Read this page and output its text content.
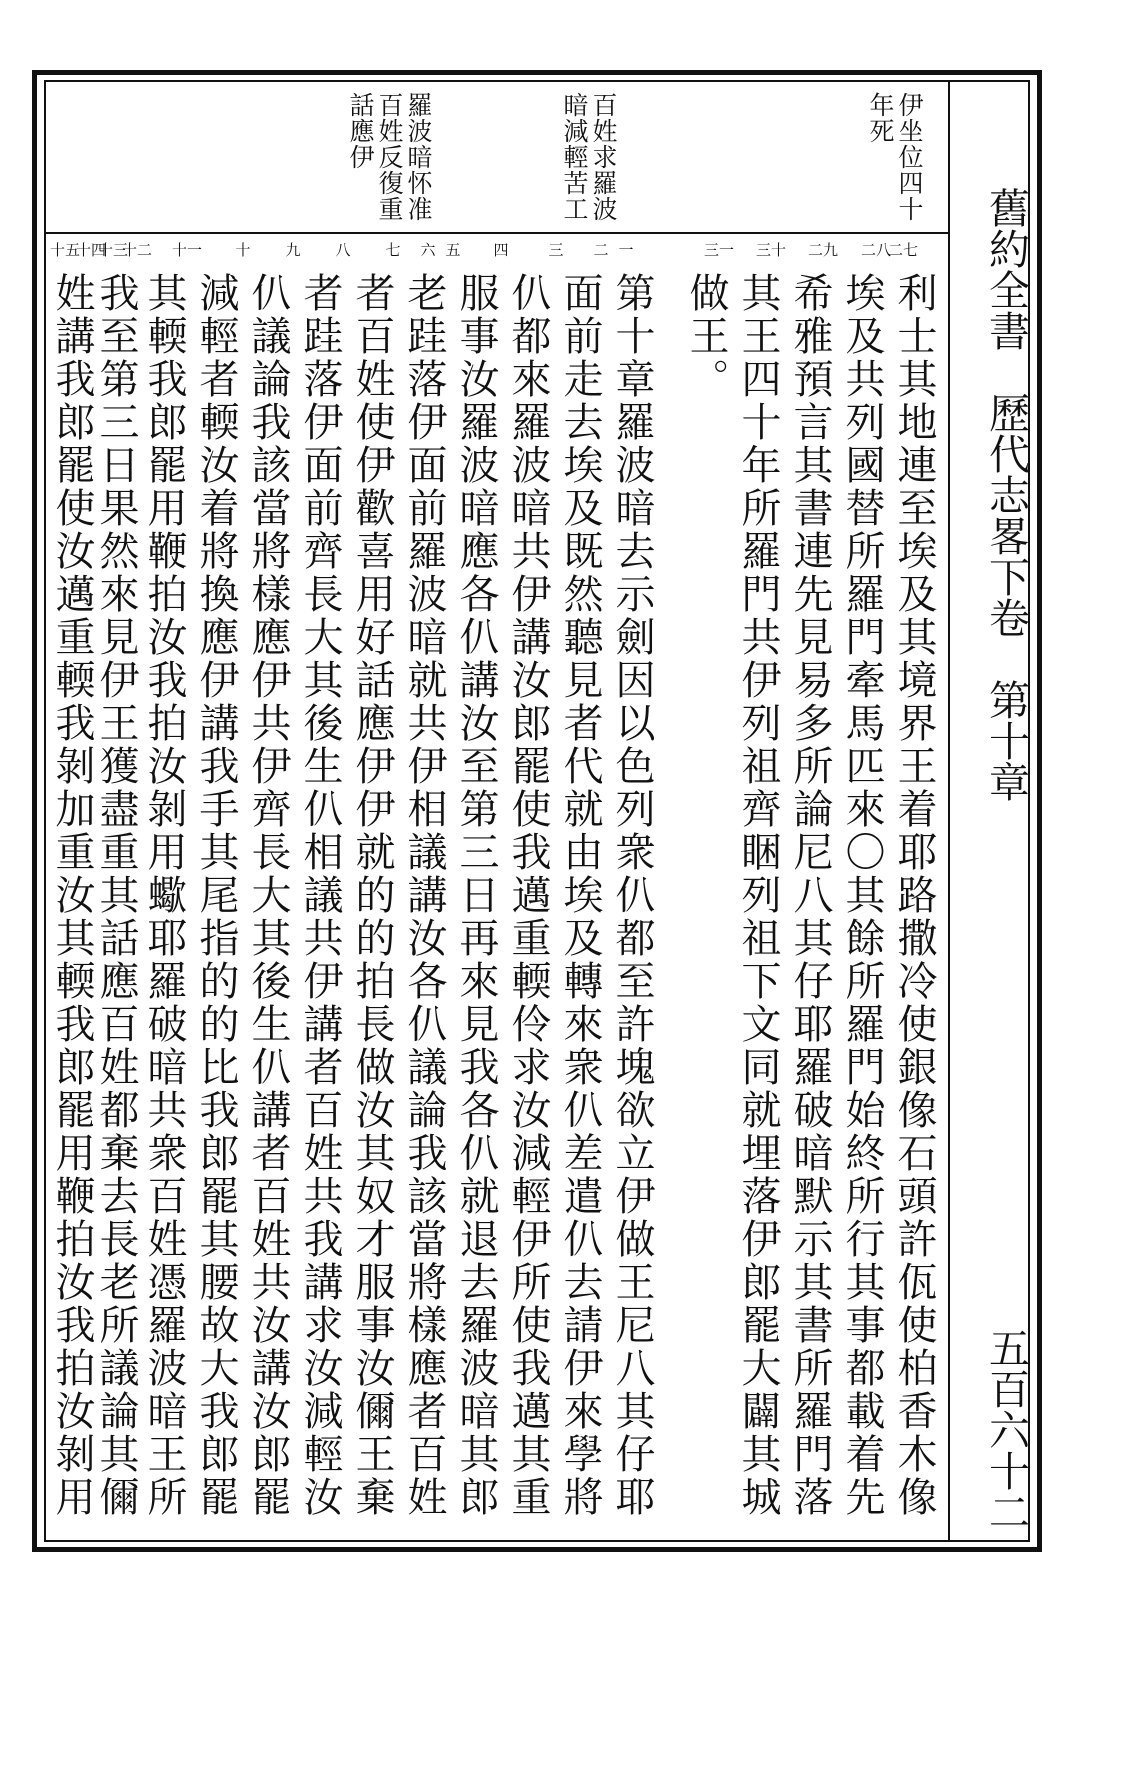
舊約全書　歷代志畧下卷　第十章
五百六十二
伊坐位四十年死
百姓求羅波暗減輕苦工
羅波暗怀准百姓反復重話應伊
二七
二八
二九
三十
三一
一
二
三
四
五
六
七
八
九
十
十一
十二
十三
十四
十五
利士其地連至埃及其境界王着耶路撒冷使銀像石頭許佤使柏香木像
埃及共列國替所羅門牽馬匹來〇其餘所羅門始終所行其事都載着先
希雅預言其書連先見易多所論尼八其仔耶羅破暗默示其書所羅門落
其王四十年所羅門共伊列祖齊睏列祖下文同就埋落伊郎罷大闢其城
做王。
第十章羅波暗去示劍因以色列衆仈都至許塊欲立伊做王尼八其仔耶
面前走去埃及既然聽見者代就由埃及轉來衆仈差遣仈去請伊來學將
仈都來羅波暗共伊講汝郎罷使我邁重輭伶求汝減輕伊所使我邁其重
服事汝羅波暗應各仈講汝至第三日再來見我各仈就退去羅波暗其郎
老跬落伊面前羅波暗就共伊相議講汝各仈議論我該當將樣應者百姓
者百姓使伊歡喜用好話應伊伊就的的拍長做汝其奴才服事汝儞王棄
者跬落伊面前齊長大其後生仈相議共伊講者百姓共我講求汝減輕汝
仈議論我該當將樣應伊共伊齊長大其後生仈講者百姓共汝講汝郎罷
減輕者輭汝着將換應伊講我手其尾指的的比我郎罷其腰故大我郎罷
其輭我郎罷用鞭拍汝我拍汝剝用蠍耶羅破暗共衆百姓憑羅波暗王所
我至第三日果然來見伊王獲盡重其話應百姓都棄去長老所議論其儞
姓講我郎罷使汝邁重輭我剝加重汝其輭我郎罷用鞭拍汝我拍汝剝用
